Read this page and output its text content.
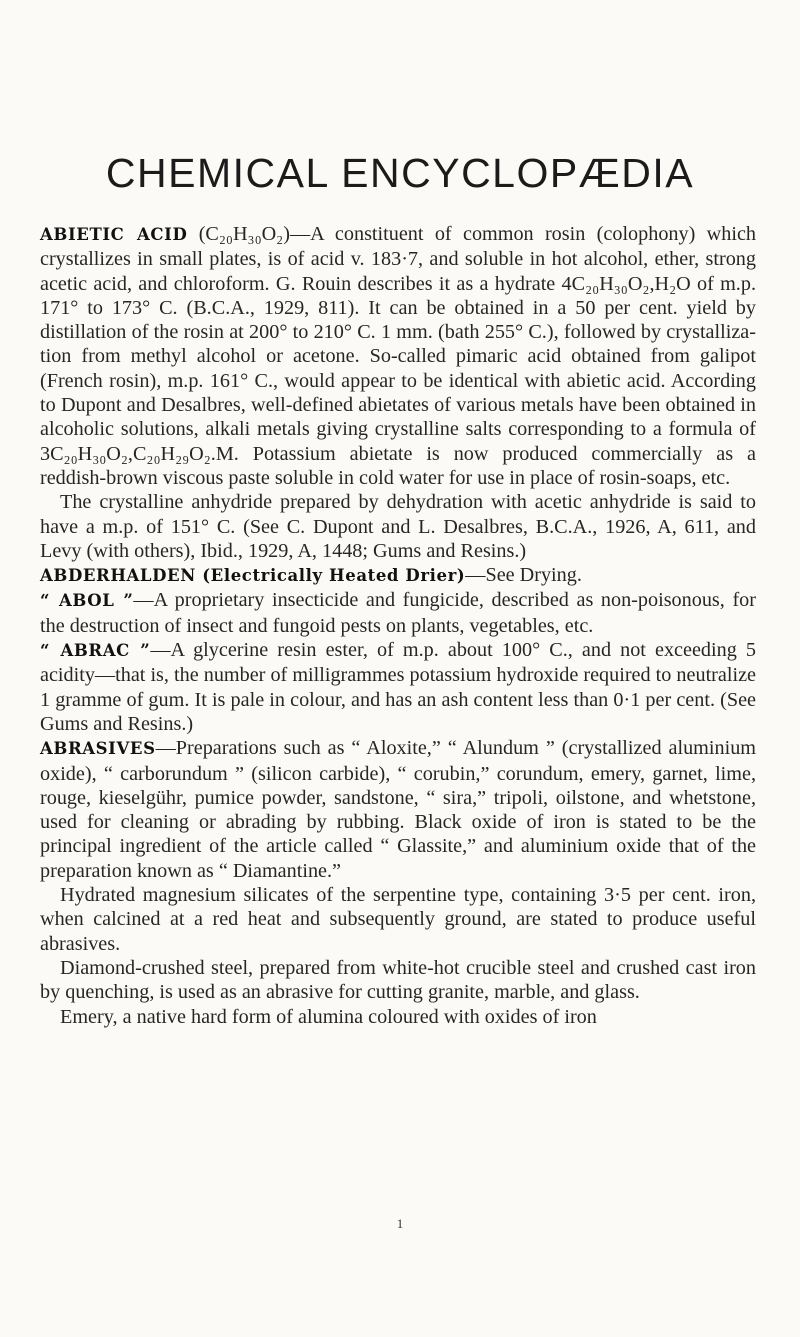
CHEMICAL ENCYCLOPÆDIA

ABIETIC ACID (C₂₀H₃₀O₂)—A constituent of common rosin (colophony) which crystallizes in small plates, is of acid v. 183·7, and soluble in hot alcohol, ether, strong acetic acid, and chloroform. G. Rouin describes it as a hydrate 4C₂₀H₃₀O₂,H₂O of m.p. 171° to 173° C. (B.C.A., 1929, 811). It can be obtained in a 50 per cent. yield by distillation of the rosin at 200° to 210° C. 1 mm. (bath 255° C.), followed by crystallization from methyl alcohol or acetone. So-called pimaric acid obtained from galipot (French rosin), m.p. 161° C., would appear to be identical with abietic acid. According to Dupont and Desalbres, well-defined abietates of various metals have been obtained in alcoholic solutions, alkali metals giving crystalline salts corresponding to a formula of 3C₂₀H₃₀O₂,C₂₀H₂₉O₂.M. Potassium abietate is now produced commercially as a reddish-brown viscous paste soluble in cold water for use in place of rosin-soaps, etc.

The crystalline anhydride prepared by dehydration with acetic anhydride is said to have a m.p. of 151° C. (See C. Dupont and L. Desalbres, B.C.A., 1926, A, 611, and Levy (with others), Ibid., 1929, A, 1448; Gums and Resins.)

ABDERHALDEN (Electrically Heated Drier)—See Drying.

“ ABOL ”—A proprietary insecticide and fungicide, described as non-poisonous, for the destruction of insect and fungoid pests on plants, vegetables, etc.

“ ABRAC ”—A glycerine resin ester, of m.p. about 100° C., and not exceeding 5 acidity—that is, the number of milligrammes potassium hydroxide required to neutralize 1 gramme of gum. It is pale in colour, and has an ash content less than 0·1 per cent. (See Gums and Resins.)

ABRASIVES—Preparations such as “ Aloxite,” “ Alundum ” (crystallized aluminium oxide), “ carborundum ” (silicon carbide), “ corubin,” corundum, emery, garnet, lime, rouge, kieselgühr, pumice powder, sandstone, “ sira,” tripoli, oilstone, and whetstone, used for cleaning or abrading by rubbing. Black oxide of iron is stated to be the principal ingredient of the article called “ Glassite,” and aluminium oxide that of the preparation known as “ Diamantine.”

Hydrated magnesium silicates of the serpentine type, containing 3·5 per cent. iron, when calcined at a red heat and subsequently ground, are stated to produce useful abrasives.

Diamond-crushed steel, prepared from white-hot crucible steel and crushed cast iron by quenching, is used as an abrasive for cutting granite, marble, and glass.

Emery, a native hard form of alumina coloured with oxides of iron

1
